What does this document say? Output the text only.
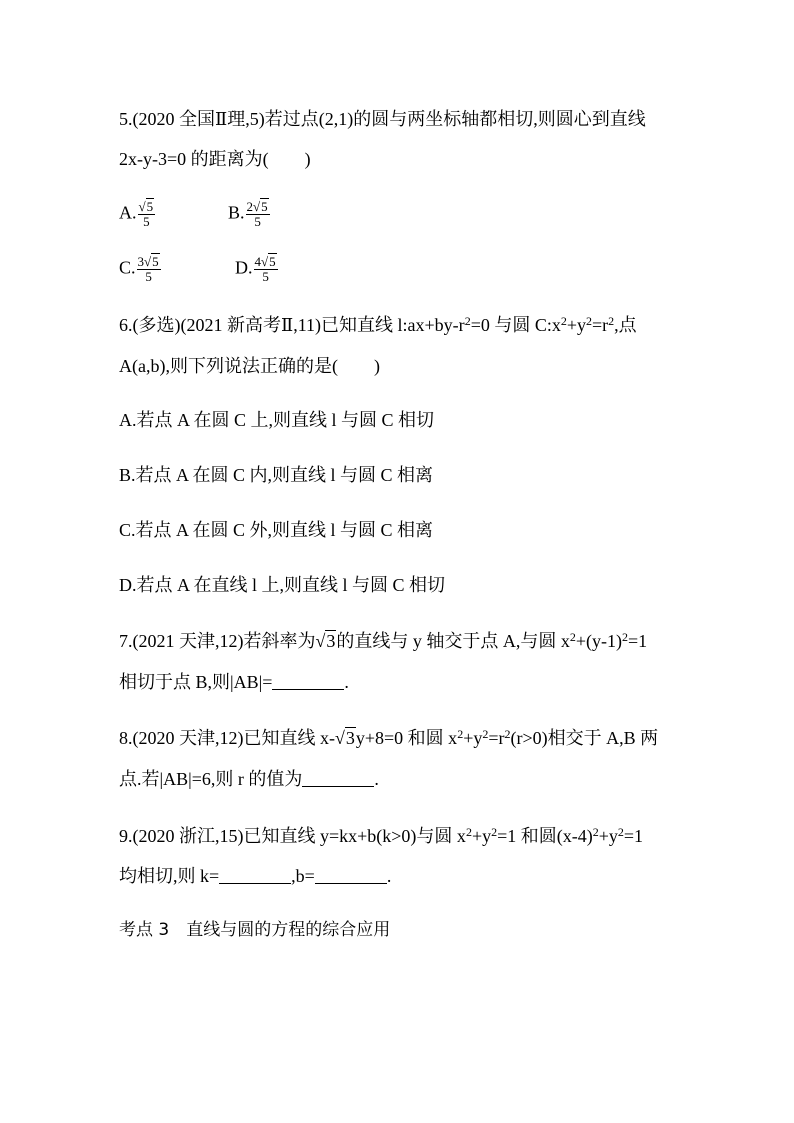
5.(2020 全国Ⅱ理,5)若过点(2,1)的圆与两坐标轴都相切,则圆心到直线
2x-y-3=0 的距离为(　　)
A. $\frac{√5}{5}$	B. $\frac{2√5}{5}$
C. $\frac{3√5}{5}$	D. $\frac{4√5}{5}$
6.(多选)(2021 新高考Ⅱ,11)已知直线 $l:ax+by-r^2=0$ 与圆 $C:x^2+y^2=r^2$,点
A(a,b),则下列说法正确的是(　　)
A.若点 A 在圆 C 上,则直线 l 与圆 C 相切
B.若点 A 在圆 C 内,则直线 l 与圆 C 相离
C.若点 A 在圆 C 外,则直线 l 与圆 C 相离
D.若点 A 在直线 l 上,则直线 l 与圆 C 相切
7.(2021 天津,12)若斜率为√3的直线与 y 轴交于点 A,与圆 $x^2+(y-1)^2=1$
相切于点 B,则|AB|=	.
8.(2020 天津,12)已知直线 x-√3y+8=0 和圆 $x^2+y^2=r^2(r>0)$相交于 A,B 两
点.若|AB|=6,则 r 的值为	.
9.(2020 浙江,15)已知直线 y=kx+b(k>0)与圆 $x^2+y^2=1$ 和圆$(x-4)^2+y^2=1$
均相切,则 k=	,b=	.
考点 3　直线与圆的方程的综合应用
